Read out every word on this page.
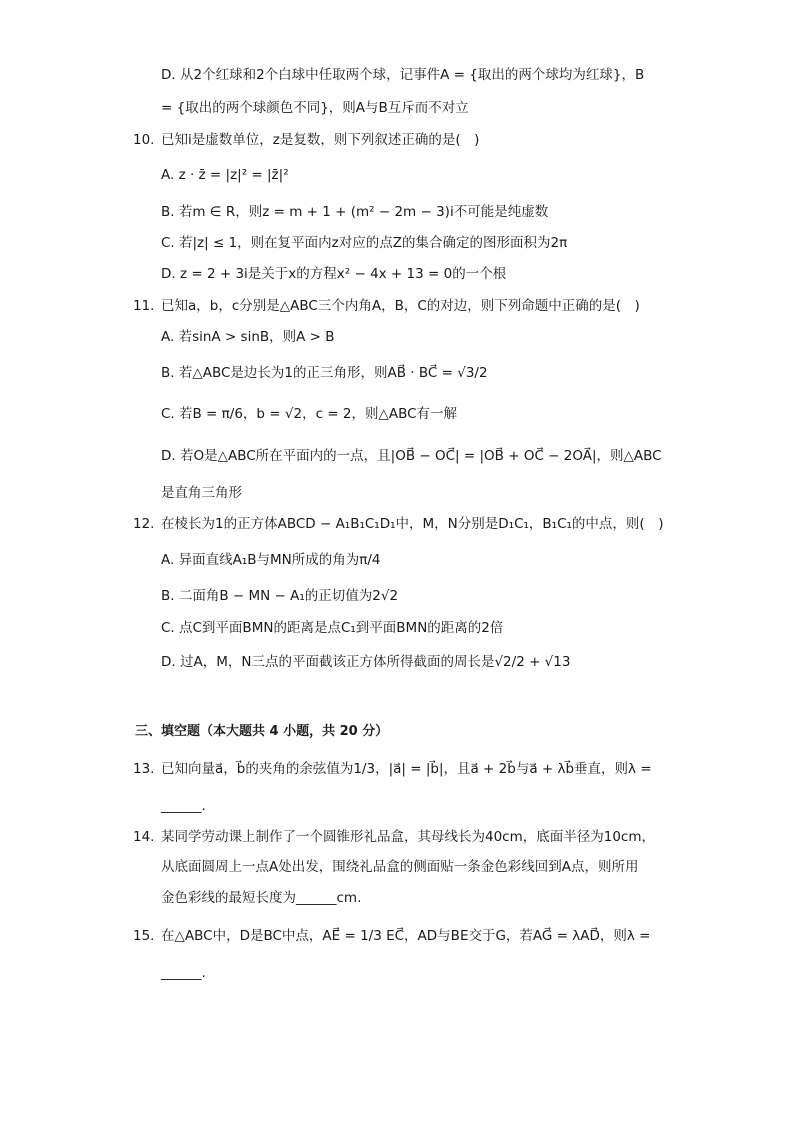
D. 从2个红球和2个白球中任取两个球，记事件A = {取出的两个球均为红球}，B
= {取出的两个球颜色不同}，则A与B互斥而不对立
10. 已知i是虚数单位，z是复数，则下列叙述正确的是(　)
A. z · z̄ = |z|² = |z̄|²
B. 若m ∈ R，则z = m + 1 + (m² − 2m − 3)i不可能是纯虚数
C. 若|z| ≤ 1，则在复平面内z对应的点Z的集合确定的图形面积为2π
D. z = 2 + 3i是关于x的方程x² − 4x + 13 = 0的一个根
11. 已知a，b，c分别是△ABC三个内角A，B，C的对边，则下列命题中正确的是(　)
A. 若sinA > sinB，则A > B
B. 若△ABC是边长为1的正三角形，则AB⃗ · BC⃗ = √3/2
C. 若B = π/6，b = √2，c = 2，则△ABC有一解
D. 若O是△ABC所在平面内的一点，且|OB⃗ − OC⃗| = |OB⃗ + OC⃗ − 2OA⃗|，则△ABC
是直角三角形
12. 在棱长为1的正方体ABCD − A₁B₁C₁D₁中，M，N分别是D₁C₁，B₁C₁的中点，则(　)
A. 异面直线A₁B与MN所成的角为π/4
B. 二面角B − MN − A₁的正切值为2√2
C. 点C到平面BMN的距离是点C₁到平面BMN的距离的2倍
D. 过A，M，N三点的平面截该正方体所得截面的周长是√2/2 + √13
三、填空题（本大题共 4 小题，共 20 分）
13. 已知向量a⃗，b⃗的夹角的余弦值为1/3，|a⃗| = |b⃗|，且a⃗ + 2b⃗与a⃗ + λb⃗垂直，则λ =
______.
14. 某同学劳动课上制作了一个圆锥形礼品盒，其母线长为40cm，底面半径为10cm，
从底面圆周上一点A处出发，围绕礼品盒的侧面贴一条金色彩线回到A点，则所用
金色彩线的最短长度为______cm.
15. 在△ABC中，D是BC中点，AE⃗ = 1/3 EC⃗，AD与BE交于G，若AG⃗ = λAD⃗，则λ =
______.
